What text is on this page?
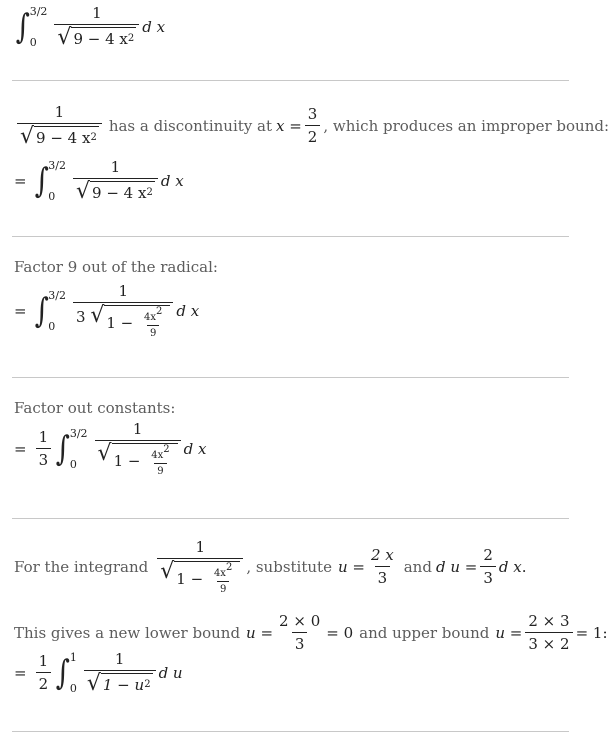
∫ 3/2
0	$\frac{1}{√ 9 - 4 x 2}$ d x
$\frac{1}{√ 9 - 4 x 2}$ has a discontinuity at $x = \frac{3}{2}$ , which produces an improper bound:
= ∫ 3/2
0	$\frac{1}{√ 9 - 4 x 2}$ d x
Factor 9 out of the radical:
= ∫ 3/2
0	1
3 √ 1 −
$\frac{4x^2}{9}$ d x
Factor out constants:
= $\frac{1}{3}$ ∫ 3/2
0	1
√ 1 −
$\frac{4x^2}{9}$ d x
For the integrand 1
√ 1 −
$\frac{4x^2}{9}$ , substitute $u = \frac{2 x}{3}$ and d $u = \frac{2}{3}$ d x .
This gives a new lower bound $u = \frac{2 \times 0}{3} = 0$ and upper bound $u = \frac{2 \times 3}{3 \times 2} = 1$:
= $\frac{1}{2}$ ∫ 1
$0 \frac{1}{√ 1 - u 2}$ d u
